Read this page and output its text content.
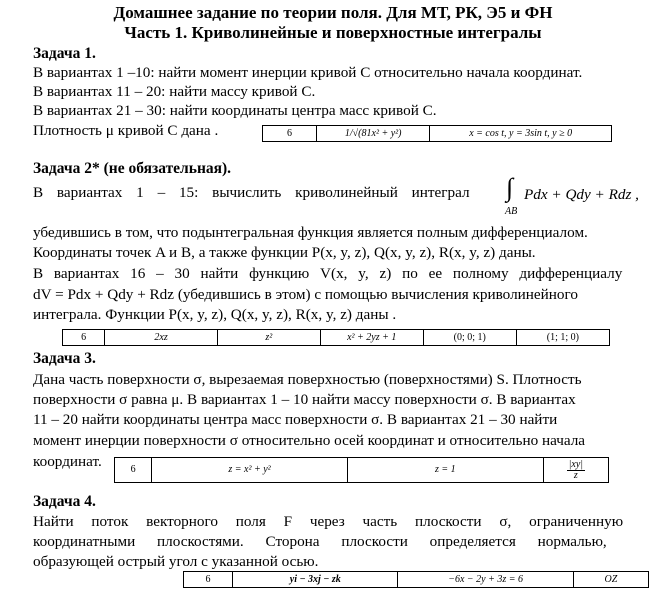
Домашнее задание по теории поля. Для МТ, РК, Э5 и ФН
Часть 1. Криволинейные и поверхностные интегралы
Задача 1.
В вариантах 1 –10: найти момент инерции кривой C относительно начала координат.
В вариантах 11 – 20: найти массу кривой C.
В вариантах 21 – 30: найти координаты центра масс кривой C.
Плотность μ кривой C дана .	6	1/√(81x² + y²)	x = cos t, y = 3sin t, y ≥ 0
Задача 2* (не обязательная).
В вариантах 1 – 15: вычислить криволинейный интеграл ∫
AB
Pdx + Qdy + Rdz ,
убедившись в том, что подынтегральная функция является полным дифференциалом.
Координаты точек A и B, а также функции P(x, y, z), Q(x, y, z), R(x, y, z) даны.
В вариантах 16 – 30 найти функцию V(x, y, z) по ее полному дифференциалу
dV = Pdx + Qdy + Rdz (убедившись в этом) с помощью вычисления криволинейного
интеграла. Функции P(x, y, z), Q(x, y, z), R(x, y, z) даны .
6	2xz	z²	x² + 2yz + 1	(0; 0; 1)	(1; 1; 0)
Задача 3.
Дана часть поверхности σ, вырезаемая поверхностью (поверхностями) S. Плотность
поверхности σ равна μ. В вариантах 1 – 10 найти массу поверхности σ. В вариантах
11 – 20 найти координаты центра масс поверхности σ. В вариантах 21 – 30 найти
момент инерции поверхности σ относительно осей координат и относительно начала
координат.	6	z = x² + y²	z = 1	$\frac{|xy|}{z}$
Задача 4.
Найти поток векторного поля F через часть плоскости σ, ограниченную
координатными плоскостями. Сторона плоскости определяется нормалью,
образующей острый угол с указанной осью.
6	yi − 3xj − zk	−6x − 2y + 3z = 6	OZ
